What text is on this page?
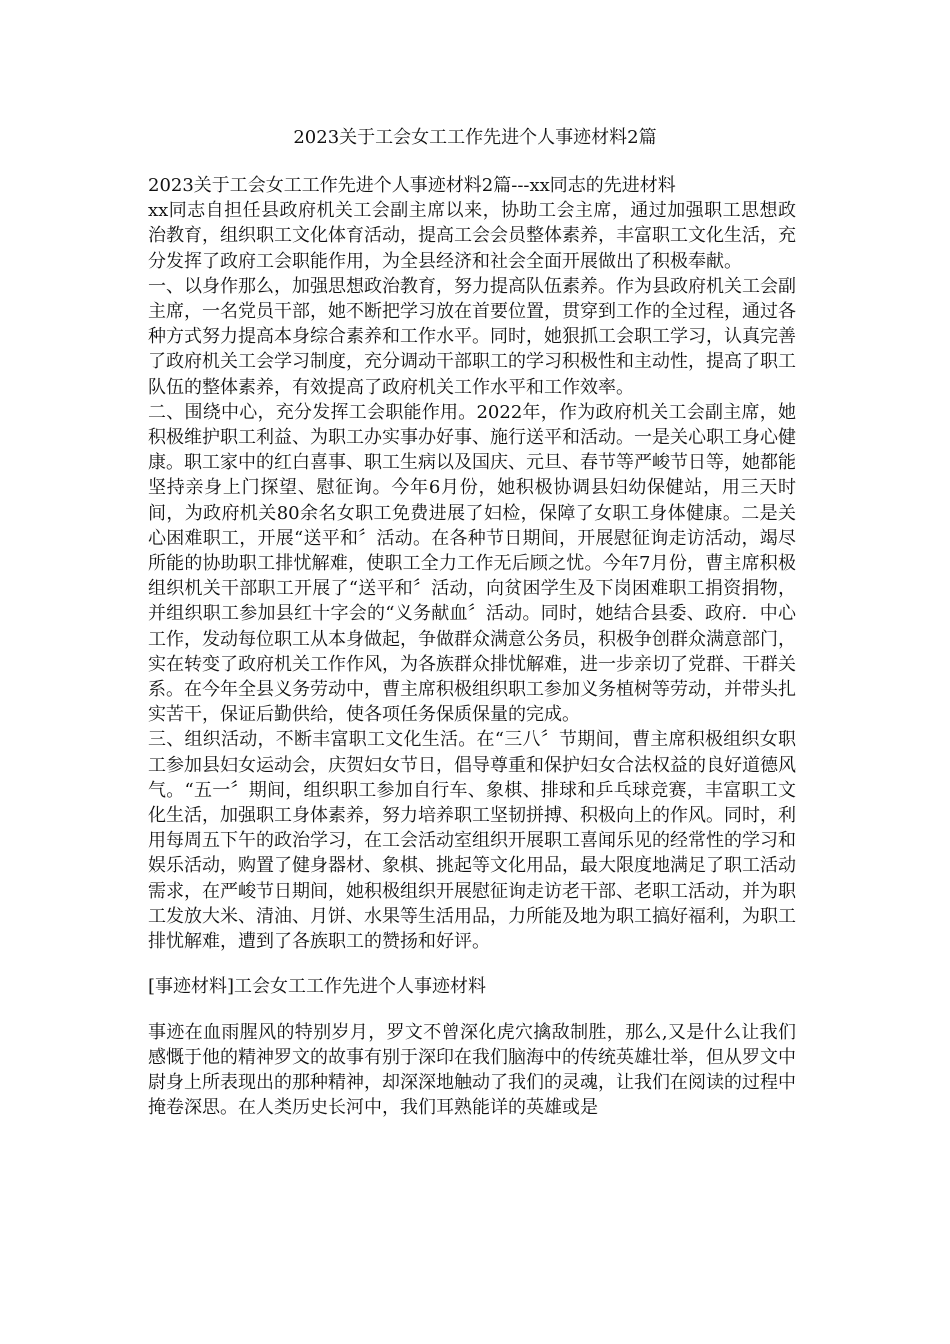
2023关于工会女工工作先进个人事迹材料2篇

2023关于工会女工工作先进个人事迹材料2篇---xx同志的先进材料

xx同志自担任县政府机关工会副主席以来，协助工会主席，通过加强职工思想政治教育，组织职工文化体育活动，提高工会会员整体素养，丰富职工文化生活，充分发挥了政府工会职能作用，为全县经济和社会全面开展做出了积极奉献。

一、以身作那么，加强思想政治教育，努力提高队伍素养。作为县政府机关工会副主席，一名党员干部，她不断把学习放在首要位置，贯穿到工作的全过程，通过各种方式努力提高本身综合素养和工作水平。同时，她狠抓工会职工学习，认真完善了政府机关工会学习制度，充分调动干部职工的学习积极性和主动性，提高了职工队伍的整体素养，有效提高了政府机关工作水平和工作效率。

二、围绕中心，充分发挥工会职能作用。2022年，作为政府机关工会副主席，她积极维护职工利益、为职工办实事办好事、施行送平和活动。一是关心职工身心健康。职工家中的红白喜事、职工生病以及国庆、元旦、春节等严峻节日等，她都能坚持亲身上门探望、慰征询。今年6月份，她积极协调县妇幼保健站，用三天时间，为政府机关80余名女职工免费进展了妇检，保障了女职工身体健康。二是关心困难职工，开展“送平和〞活动。在各种节日期间，开展慰征询走访活动，竭尽所能的协助职工排忧解难，使职工全力工作无后顾之忧。今年7月份，曹主席积极组织机关干部职工开展了“送平和〞活动，向贫困学生及下岗困难职工捐资捐物，并组织职工参加县红十字会的“义务献血〞活动。同时，她结合县委、政府．中心工作，发动每位职工从本身做起，争做群众满意公务员，积极争创群众满意部门，实在转变了政府机关工作作风，为各族群众排忧解难，进一步亲切了党群、干群关系。在今年全县义务劳动中，曹主席积极组织职工参加义务植树等劳动，并带头扎实苦干，保证后勤供给，使各项任务保质保量的完成。

三、组织活动，不断丰富职工文化生活。在“三八〞节期间，曹主席积极组织女职工参加县妇女运动会，庆贺妇女节日，倡导尊重和保护妇女合法权益的良好道德风气。“五一〞期间，组织职工参加自行车、象棋、排球和乒乓球竞赛，丰富职工文化生活，加强职工身体素养，努力培养职工坚韧拼搏、积极向上的作风。同时，利用每周五下午的政治学习，在工会活动室组织开展职工喜闻乐见的经常性的学习和娱乐活动，购置了健身器材、象棋、挑起等文化用品，最大限度地满足了职工活动需求，在严峻节日期间，她积极组织开展慰征询走访老干部、老职工活动，并为职工发放大米、清油、月饼、水果等生活用品，力所能及地为职工搞好福利，为职工排忧解难，遭到了各族职工的赞扬和好评。

[事迹材料]工会女工工作先进个人事迹材料

事迹在血雨腥风的特别岁月，罗文不曾深化虎穴擒敌制胜，那么,又是什么让我们感慨于他的精神罗文的故事有别于深印在我们脑海中的传统英雄壮举，但从罗文中尉身上所表现出的那种精神，却深深地触动了我们的灵魂，让我们在阅读的过程中掩卷深思。在人类历史长河中，我们耳熟能详的英雄或是
